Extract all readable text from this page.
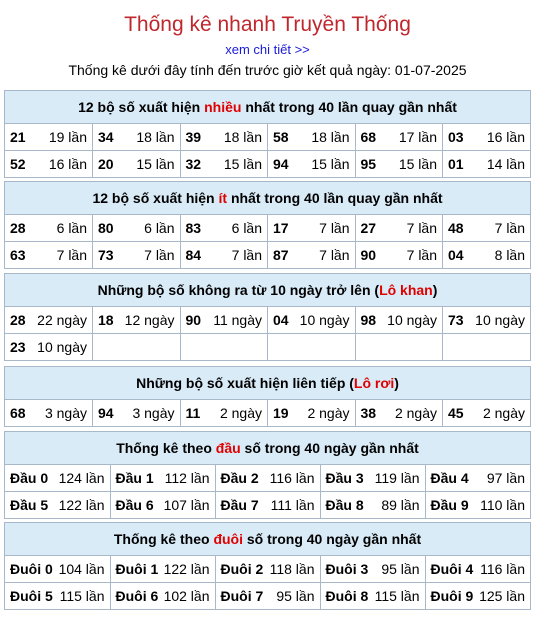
Thống kê nhanh Truyền Thống
xem chi tiết >>
Thống kê dưới đây tính đến trước giờ kết quả ngày: 01-07-2025
12 bộ số xuất hiện nhiều nhất trong 40 lần quay gần nhất
21 19 lần	34 18 lần	39 18 lần	58 18 lần	68 17 lần	03 16 lần

52 16 lần	20 15 lần	32 15 lần	94 15 lần	95 15 lần	01 14 lần
12 bộ số xuất hiện ít nhất trong 40 lần quay gần nhất
28 6 lần	80 6 lần	83 6 lần	17 7 lần	27 7 lần	48 7 lần

63 7 lần	73 7 lần	84 7 lần	87 7 lần	90 7 lần	04 8 lần
Những bộ số không ra từ 10 ngày trở lên (Lô khan)
28 22 ngày	18 12 ngày	90 11 ngày	04 10 ngày	98 10 ngày	73 10 ngày

23 10 ngày					

Những bộ số xuất hiện liên tiếp (Lô rơi)
68 3 ngày	94 3 ngày	11 2 ngày	19 2 ngày	38 2 ngày	45 2 ngày
Thống kê theo đầu số trong 40 ngày gần nhất
Đầu 0 124 lần	Đầu 1 112 lần	Đầu 2 116 lần	Đầu 3 119 lần	Đầu 4 97 lần

Đầu 5 122 lần	Đầu 6 107 lần	Đầu 7 111 lần	Đầu 8 89 lần	Đầu 9 110 lần
Thống kê theo đuôi số trong 40 ngày gần nhất
Đuôi 0 104 lần	Đuôi 1 122 lần	Đuôi 2 118 lần	Đuôi 3 95 lần	Đuôi 4 116 lần

Đuôi 5 115 lần	Đuôi 6 102 lần	Đuôi 7 95 lần	Đuôi 8 115 lần	Đuôi 9 125 lần
